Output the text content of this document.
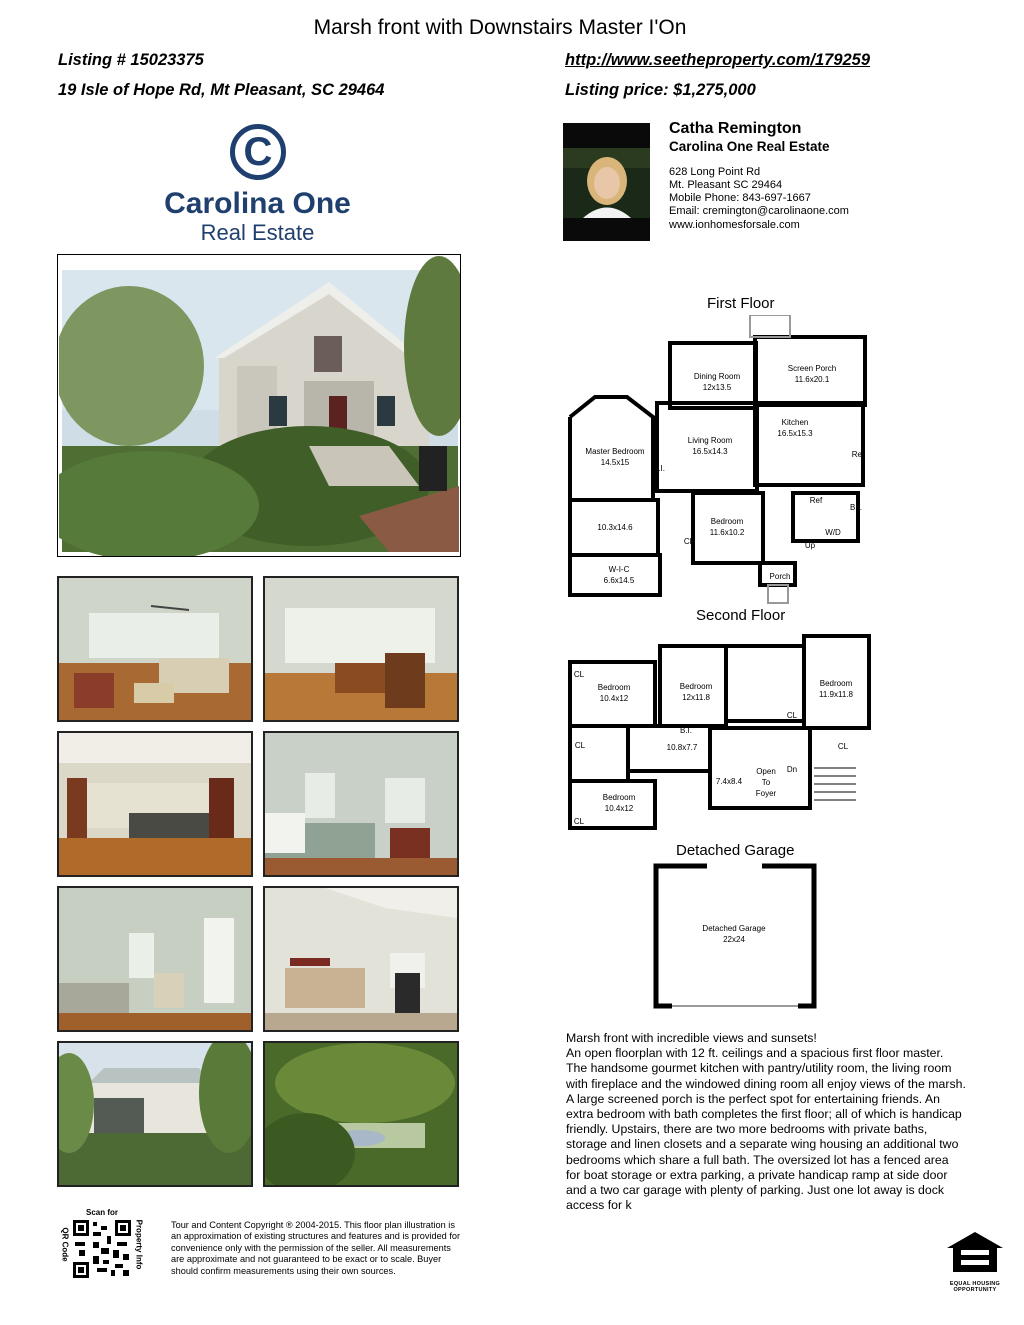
Marsh front with Downstairs Master I'On
Listing # 15023375
19 Isle of Hope Rd, Mt Pleasant, SC 29464
http://www.seetheproperty.com/179259
Listing price: $1,275,000
C
Carolina One
Real Estate
Catha Remington
Carolina One Real Estate
628 Long Point Rd
Mt. Pleasant SC 29464
Mobile Phone: 843-697-1667
Email: cremington@carolinaone.com
www.ionhomesforsale.com
First Floor
Screen Porch
11.6x20.1
Dining Room
12x13.5
Kitchen
16.5x15.3
Living Room
16.5x14.3
Master Bedroom
14.5x15
Bedroom
11.6x10.2
10.3x14.6
W-I-C
6.6x14.5	Porch
B.I.
Ref
Ref
B.I.
W/D
Up
CL
Second Floor
Bedroom
10.4x12
Bedroom
12x11.8
Bedroom
11.9x11.8
10.8x7.7
7.4x8.4
Open
To
Foyer
Bedroom
10.4x12
CL
CL
CL
CL
CL
B.I.
Dn
Detached Garage
Detached Garage
22x24
Marsh front with incredible views and sunsets!
An open floorplan with 12 ft. ceilings and a spacious first floor master. The handsome gourmet kitchen with pantry/utility room, the living room with fireplace and the windowed dining room all enjoy views of the marsh. A large screened porch is the perfect spot for entertaining friends. An extra bedroom with bath completes the first floor; all of which is handicap friendly. Upstairs, there are two more bedrooms with private baths, storage and linen closets and a separate wing housing an additional two bedrooms which share a full bath. The oversized lot has a fenced area for boat storage or extra parking, a private handicap ramp at side door and a two car garage with plenty of parking. Just one lot away is dock access for k
Scan for
QR Code	Property Info	Tour and Content Copyright ® 2004-2015. This floor plan illustration is an approximation of existing structures and features and is provided for convenience only with the permission of the seller. All measurements are approximate and not guaranteed to be exact or to scale. Buyer should confirm measurements using their own sources.
EQUAL HOUSING OPPORTUNITY
